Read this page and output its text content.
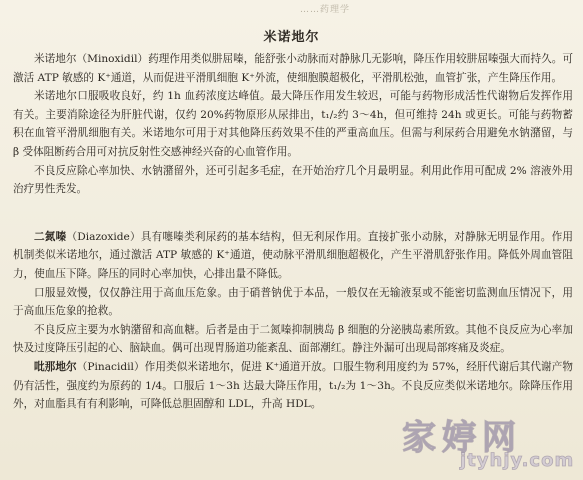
……药理学
米诺地尔

米诺地尔（Minoxidil）药理作用类似肼屈嗪，能舒张小动脉而对静脉几无影响，降压作用较肼屈嗪强大而持久。可激活 ATP 敏感的 K⁺通道，从而促进平滑肌细胞 K⁺外流，使细胞膜超极化，平滑肌松弛，血管扩张，产生降压作用。

米诺地尔口服吸收良好，约 1h 血药浓度达峰值。最大降压作用发生较迟，可能与药物形成活性代谢物后发挥作用有关。主要消除途径为肝脏代谢，仅约 20%药物原形从尿排出，t₁/₂约 3～4h，但可维持 24h 或更长。可能与药物蓄积在血管平滑肌细胞有关。米诺地尔可用于对其他降压药效果不佳的严重高血压。但需与利尿药合用避免水钠潴留，与 β 受体阻断药合用可对抗反射性交感神经兴奋的心血管作用。

不良反应除心率加快、水钠潴留外，还可引起多毛症，在开始治疗几个月最明显。利用此作用可配成 2% 溶液外用治疗男性秃发。

二氮嗪（Diazoxide）具有噻嗪类利尿药的基本结构，但无利尿作用。直接扩张小动脉，对静脉无明显作用。作用机制类似米诺地尔，通过激活 ATP 敏感的 K⁺通道，使动脉平滑肌细胞超极化，产生平滑肌舒张作用。降低外周血管阻力，使血压下降。降压的同时心率加快，心排出量不降低。

口服显效慢，仅仅静注用于高血压危象。由于硝普钠优于本品，一般仅在无输液泵或不能密切监测血压情况下，用于高血压危象的抢救。

不良反应主要为水钠潴留和高血糖。后者是由于二氮嗪抑制胰岛 β 细胞的分泌胰岛素所致。其他不良反应为心率加快及过度降压引起的心、脑缺血。偶可出现胃肠道功能紊乱、面部潮红。静注外漏可出现局部疼痛及炎症。

吡那地尔（Pinacidil）作用类似米诺地尔，促进 K⁺通道开放。口服生物利用度约为 57%，经肝代谢后其代谢产物仍有活性，强度约为原药的 1/4。口服后 1～3h 达最大降压作用，t₁/₂为 1～3h。不良反应类似米诺地尔。除降压作用外，对血脂具有有利影响，可降低总胆固醇和 LDL，升高 HDL。

家婷网
jtyhjy.com
